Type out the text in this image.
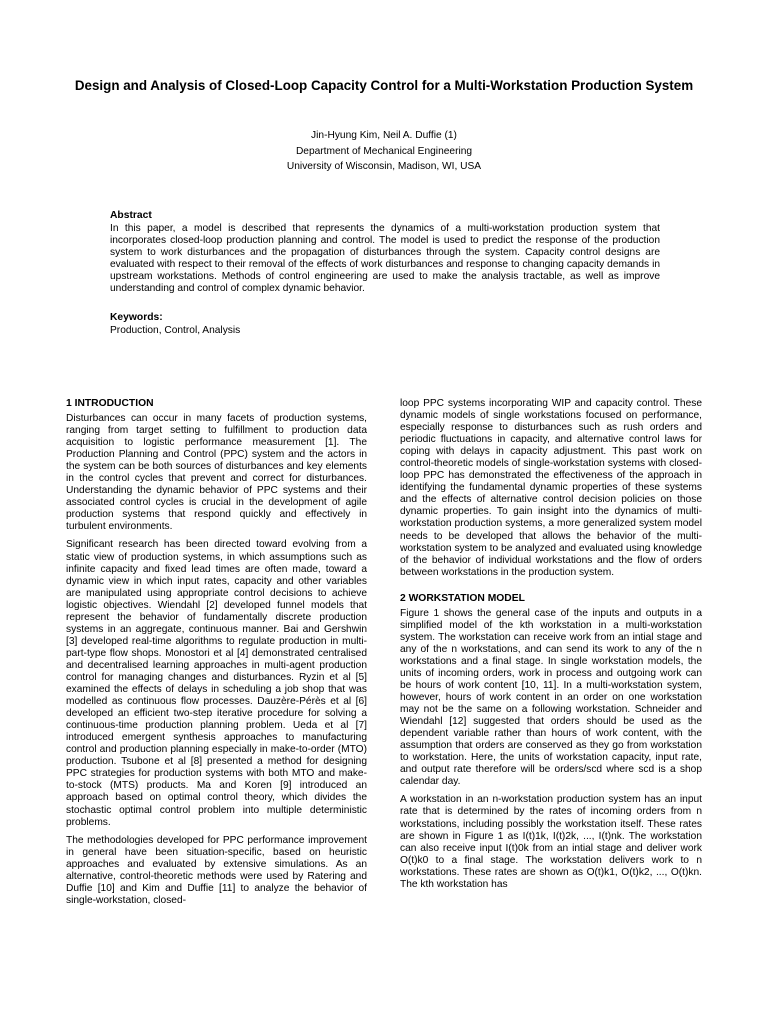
Design and Analysis of Closed-Loop Capacity Control for a Multi-Workstation Production System
Jin-Hyung Kim, Neil A. Duffie (1)
Department of Mechanical Engineering
University of Wisconsin, Madison, WI, USA
Abstract

In this paper, a model is described that represents the dynamics of a multi-workstation production system that incorporates closed-loop production planning and control. The model is used to predict the response of the production system to work disturbances and the propagation of disturbances through the system. Capacity control designs are evaluated with respect to their removal of the effects of work disturbances and response to changing capacity demands in upstream workstations. Methods of control engineering are used to make the analysis tractable, as well as improve understanding and control of complex dynamic behavior.

Keywords:

Production, Control, Analysis

1 INTRODUCTION

Disturbances can occur in many facets of production systems, ranging from target setting to fulfillment to production data acquisition to logistic performance measurement [1]. The Production Planning and Control (PPC) system and the actors in the system can be both sources of disturbances and key elements in the control cycles that prevent and correct for disturbances. Understanding the dynamic behavior of PPC systems and their associated control cycles is crucial in the development of agile production systems that respond quickly and effectively in turbulent environments.

Significant research has been directed toward evolving from a static view of production systems, in which assumptions such as infinite capacity and fixed lead times are often made, toward a dynamic view in which input rates, capacity and other variables are manipulated using appropriate control decisions to achieve logistic objectives. Wiendahl [2] developed funnel models that represent the behavior of fundamentally discrete production systems in an aggregate, continuous manner. Bai and Gershwin [3] developed real-time algorithms to regulate production in multi-part-type flow shops. Monostori et al [4] demonstrated centralised and decentralised learning approaches in multi-agent production control for managing changes and disturbances. Ryzin et al [5] examined the effects of delays in scheduling a job shop that was modelled as continuous flow processes. Dauzère-Pérès et al [6] developed an efficient two-step iterative procedure for solving a continuous-time production planning problem. Ueda et al [7] introduced emergent synthesis approaches to manufacturing control and production planning especially in make-to-order (MTO) production. Tsubone et al [8] presented a method for designing PPC strategies for production systems with both MTO and make-to-stock (MTS) products. Ma and Koren [9] introduced an approach based on optimal control theory, which divides the stochastic optimal control problem into multiple deterministic problems.

The methodologies developed for PPC performance improvement in general have been situation-specific, based on heuristic approaches and evaluated by extensive simulations. As an alternative, control-theoretic methods were used by Ratering and Duffie [10] and Kim and Duffie [11] to analyze the behavior of single-workstation, closed-

loop PPC systems incorporating WIP and capacity control. These dynamic models of single workstations focused on performance, especially response to disturbances such as rush orders and periodic fluctuations in capacity, and alternative control laws for coping with delays in capacity adjustment. This past work on control-theoretic models of single-workstation systems with closed-loop PPC has demonstrated the effectiveness of the approach in identifying the fundamental dynamic properties of these systems and the effects of alternative control decision policies on those dynamic properties. To gain insight into the dynamics of multi-workstation production systems, a more generalized system model needs to be developed that allows the behavior of the multi-workstation system to be analyzed and evaluated using knowledge of the behavior of individual workstations and the flow of orders between workstations in the production system.

2 WORKSTATION MODEL

Figure 1 shows the general case of the inputs and outputs in a simplified model of the kth workstation in a multi-workstation system. The workstation can receive work from an intial stage and any of the n workstations, and can send its work to any of the n workstations and a final stage. In single workstation models, the units of incoming orders, work in process and outgoing work can be hours of work content [10, 11]. In a multi-workstation system, however, hours of work content in an order on one workstation may not be the same on a following workstation. Schneider and Wiendahl [12] suggested that orders should be used as the dependent variable rather than hours of work content, with the assumption that orders are conserved as they go from workstation to workstation. Here, the units of workstation capacity, input rate, and output rate therefore will be orders/scd where scd is a shop calendar day.

A workstation in an n-workstation production system has an input rate that is determined by the rates of incoming orders from n workstations, including possibly the workstation itself. These rates are shown in Figure 1 as I(t)1k, I(t)2k, ..., I(t)nk. The workstation can also receive input I(t)0k from an intial stage and deliver work O(t)k0 to a final stage. The workstation delivers work to n workstations. These rates are shown as O(t)k1, O(t)k2, ..., O(t)kn. The kth workstation has
